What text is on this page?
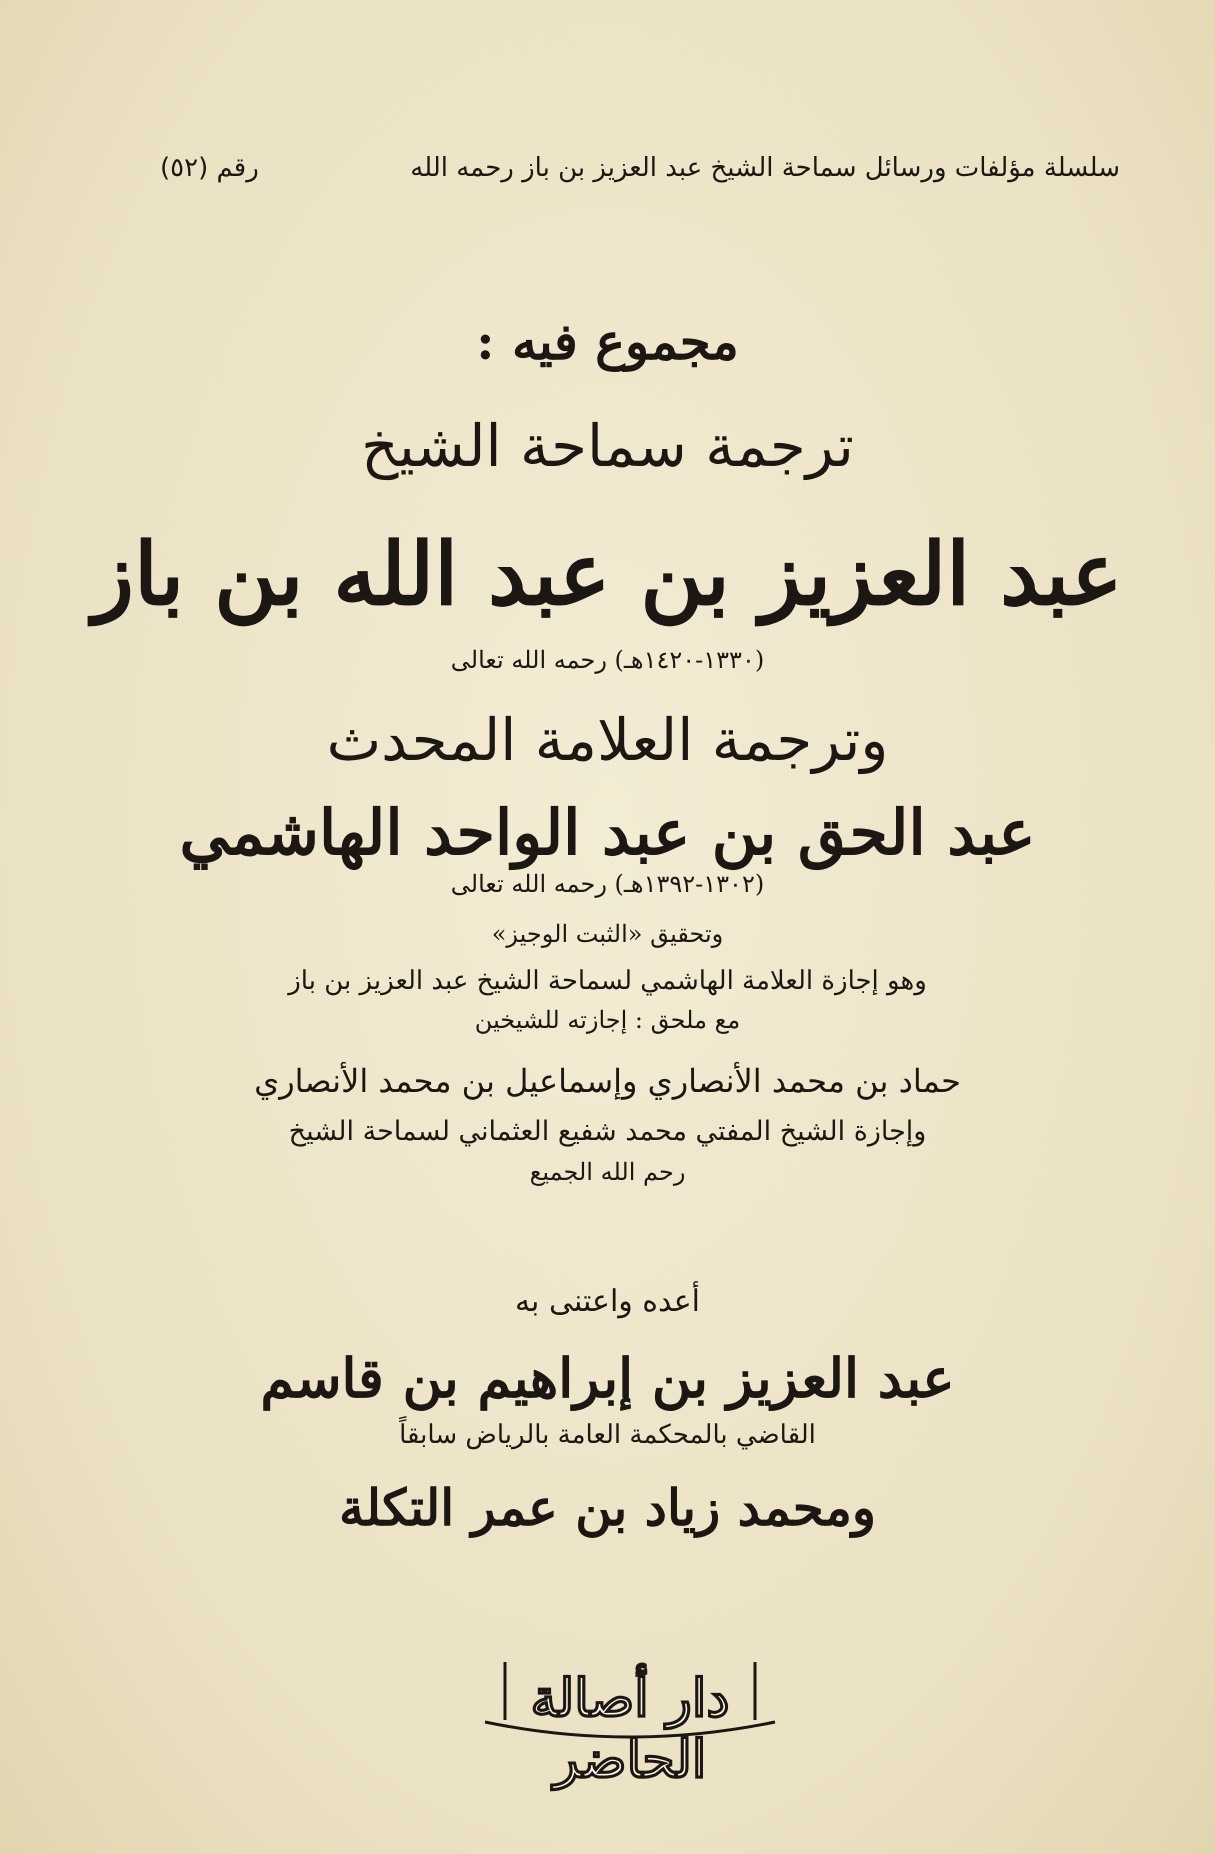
سلسلة مؤلفات ورسائل سماحة الشيخ عبد العزيز بن باز رحمه الله
رقم (٥٢)
مجموع فيه :
ترجمة سماحة الشيخ
عبد العزيز بن عبد الله بن باز
(١٣٣٠-١٤٢٠هـ) رحمه الله تعالى
وترجمة العلامة المحدث
عبد الحق بن عبد الواحد الهاشمي
(١٣٠٢-١٣٩٢هـ) رحمه الله تعالى
وتحقيق «الثبت الوجيز»
وهو إجازة العلامة الهاشمي لسماحة الشيخ عبد العزيز بن باز
مع ملحق : إجازته للشيخين
حماد بن محمد الأنصاري وإسماعيل بن محمد الأنصاري
وإجازة الشيخ المفتي محمد شفيع العثماني لسماحة الشيخ
رحم الله الجميع
أعده واعتنى به
عبد العزيز بن إبراهيم بن قاسم
القاضي بالمحكمة العامة بالرياض سابقاً
ومحمد زياد بن عمر التكلة
دار أصالة الحاضر
